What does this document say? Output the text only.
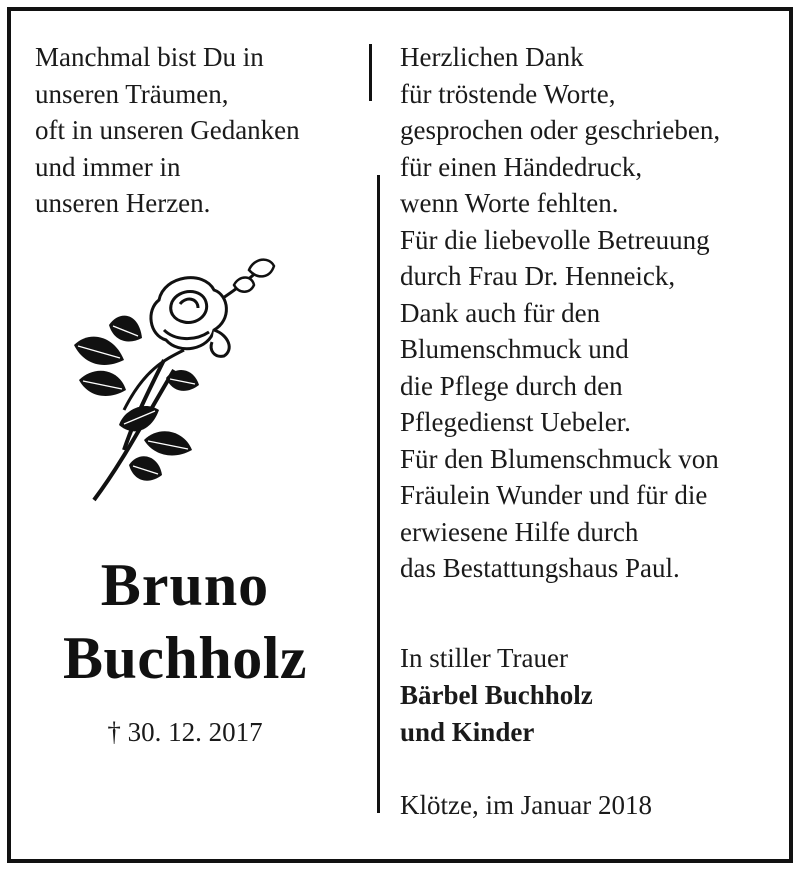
Manchmal bist Du in
unseren Träumen,
oft in unseren Gedanken
und immer in
unseren Herzen.
Bruno
Buchholz
† 30. 12. 2017
Herzlichen Dank
für tröstende Worte,
gesprochen oder geschrieben,
für einen Händedruck,
wenn Worte fehlten.
Für die liebevolle Betreuung
durch Frau Dr. Henneick,
Dank auch für den
Blumenschmuck und
die Pflege durch den
Pflegedienst Uebeler.
Für den Blumenschmuck von
Fräulein Wunder und für die
erwiesene Hilfe durch
das Bestattungshaus Paul.
In stiller Trauer
Bärbel Buchholz
und Kinder
Klötze, im Januar 2018
